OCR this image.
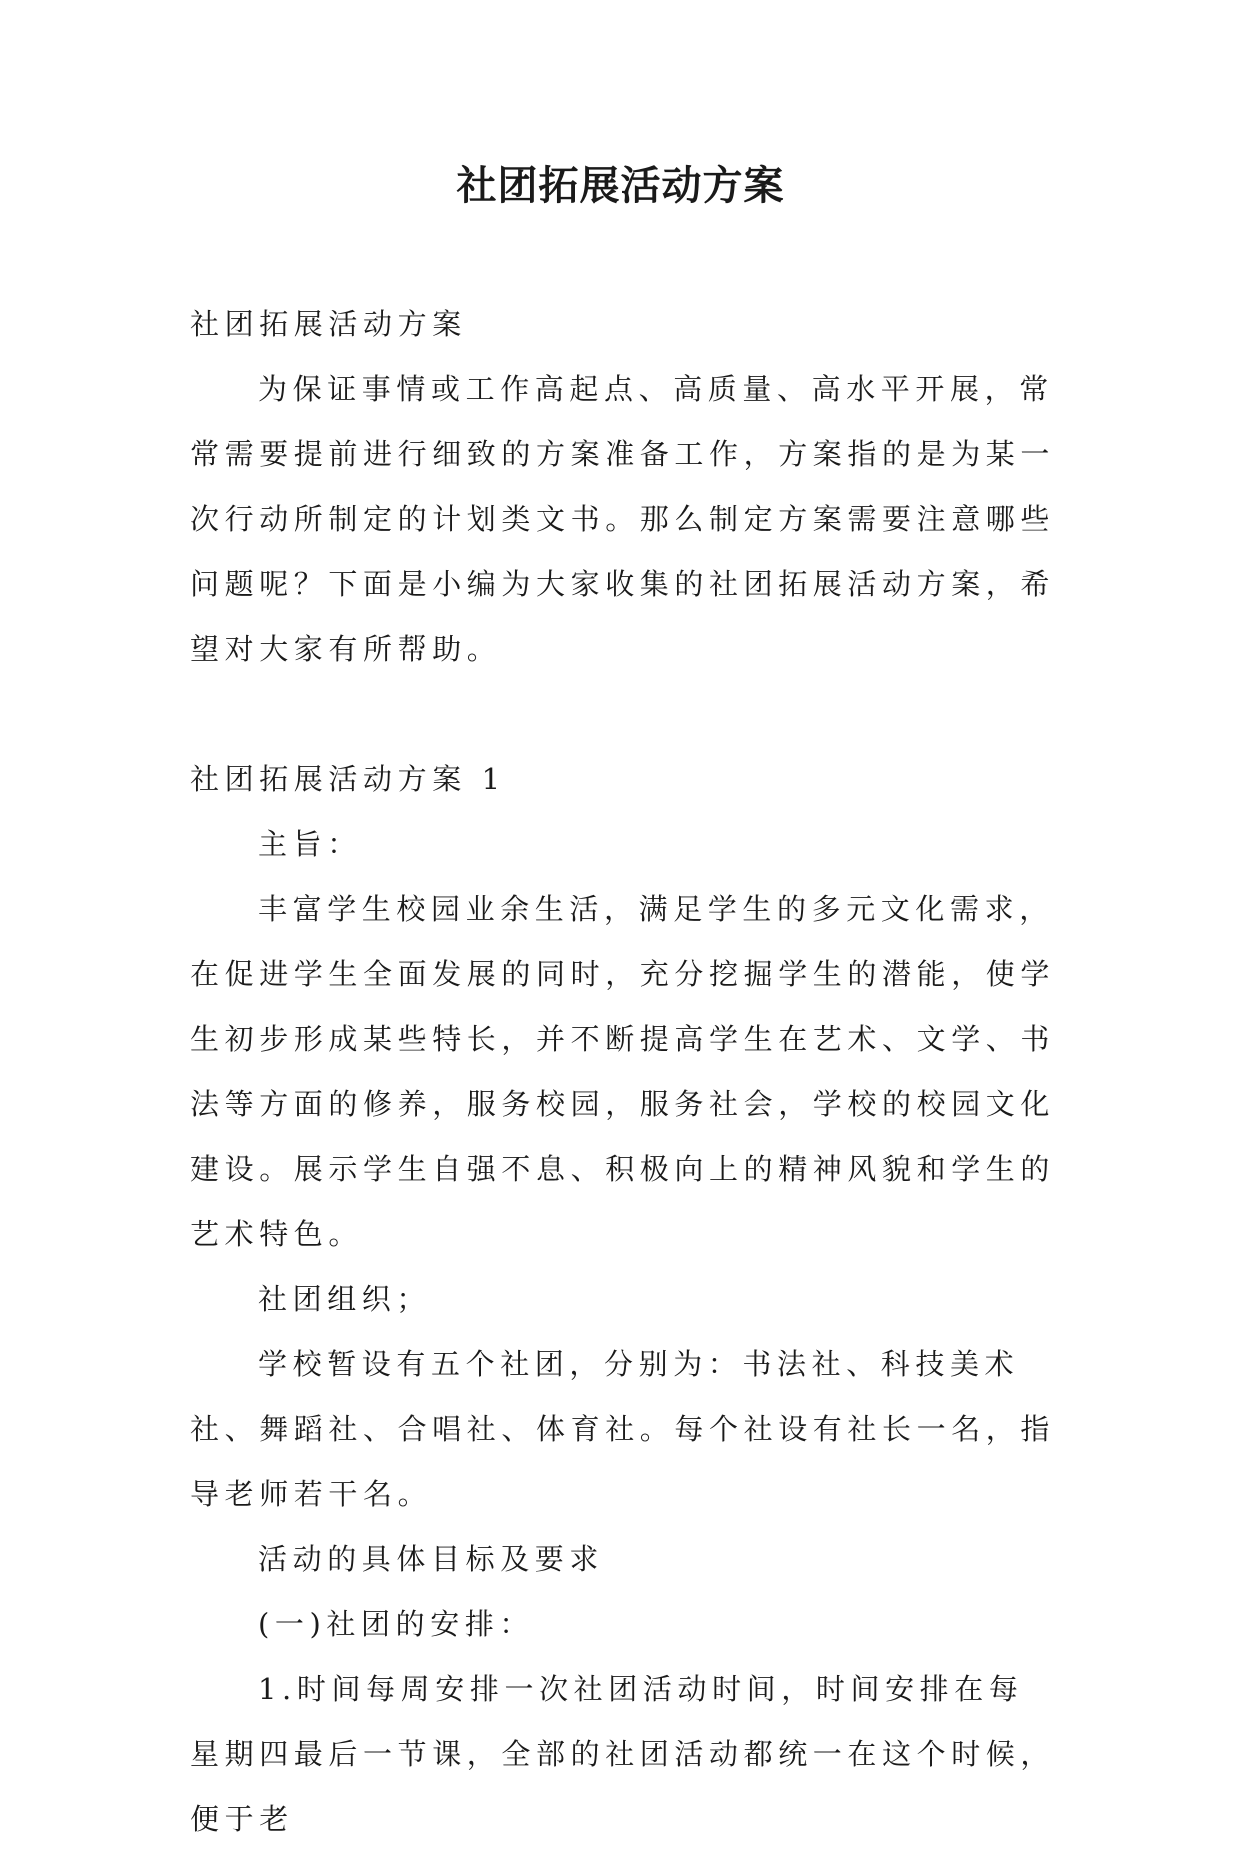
社团拓展活动方案

社团拓展活动方案

为保证事情或工作高起点、高质量、高水平开展，常常需要提前进行细致的方案准备工作，方案指的是为某一次行动所制定的计划类文书。那么制定方案需要注意哪些问题呢？下面是小编为大家收集的社团拓展活动方案，希望对大家有所帮助。

社团拓展活动方案 1

主旨：

丰富学生校园业余生活，满足学生的多元文化需求，在促进学生全面发展的同时，充分挖掘学生的潜能，使学生初步形成某些特长，并不断提高学生在艺术、文学、书法等方面的修养，服务校园，服务社会，学校的校园文化建设。展示学生自强不息、积极向上的精神风貌和学生的艺术特色。

社团组织；

学校暂设有五个社团，分别为：书法社、科技美术社、舞蹈社、合唱社、体育社。每个社设有社长一名，指导老师若干名。

活动的具体目标及要求

(一)社团的安排：

1.时间每周安排一次社团活动时间，时间安排在每星期四最后一节课，全部的社团活动都统一在这个时候，便于老
